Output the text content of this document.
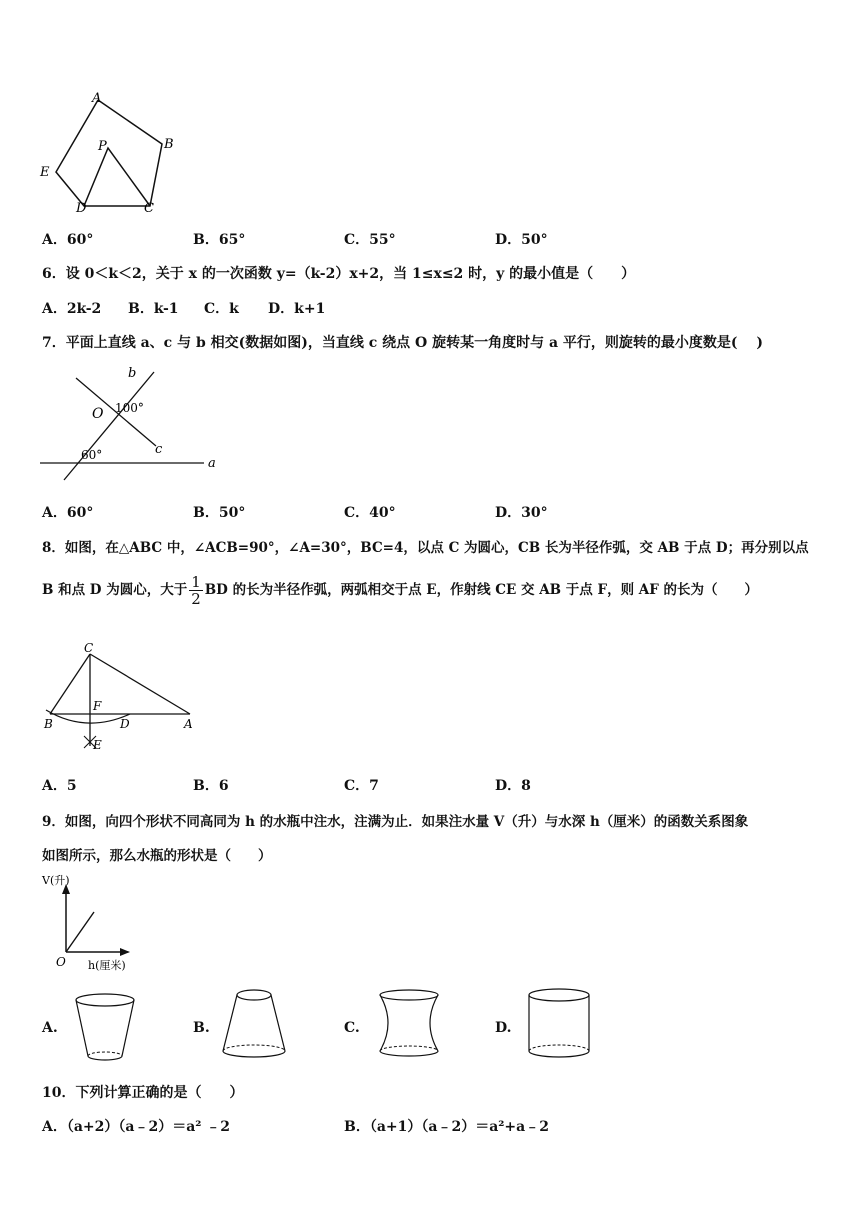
A
B
C
D
E
P
A．60°	B．65°	C．55°	D．50°
6．设 0＜k＜2，关于 x 的一次函数 y=（k-2）x+2，当 1≤x≤2 时，y 的最小值是（　　）
A．2k-2 B．k-1 C．k D．k+1
7．平面上直线 a、c 与 b 相交(数据如图)，当直线 c 绕点 O 旋转某一角度时与 a 平行，则旋转的最小度数是(　 )
b
O 100°
c
60°
a
A．60°	B．50°	C．40°	D．30°
8．如图，在△ABC 中，∠ACB=90°，∠A=30°，BC=4，以点 C 为圆心，CB 长为半径作弧，交 AB 于点 D；再分别以点
B 和点 D 为圆心，大于 $\frac{1}{2}$ BD 的长为半径作弧，两弧相交于点 E，作射线 CE 交 AB 于点 F，则 AF 的长为（　　）
C
B
F
D	A
E
A．5	B．6	C．7	D．8
9．如图，向四个形状不同高同为 h 的水瓶中注水，注满为止．如果注水量 V（升）与水深 h（厘米）的函数关系图象
如图所示，那么水瓶的形状是（　　）
V(升)
O h(厘米)
A.	B.	C.	D.
10．下列计算正确的是（　　）
A．（a+2）（a﹣2）＝a² ﹣2	B．（a+1）（a﹣2）＝a²+a﹣2
